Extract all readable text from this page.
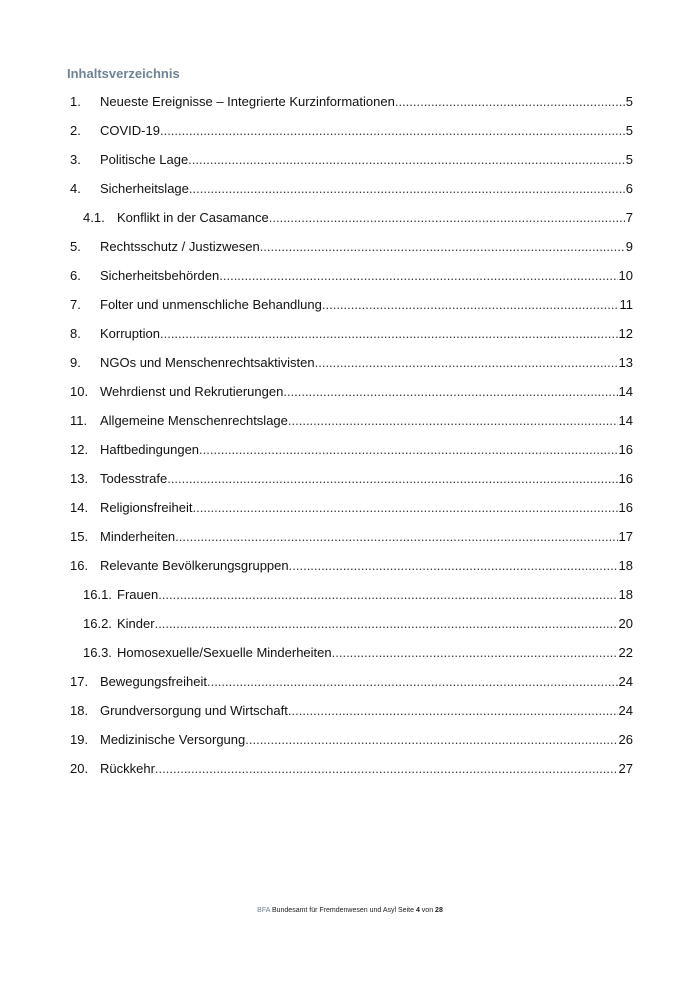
Inhaltsverzeichnis
1.	Neueste Ereignisse – Integrierte Kurzinformationen .....	5
2.	COVID-19 .....	5
3.	Politische Lage .....	5
4.	Sicherheitslage .....	6
4.1. Konflikt in der Casamance .....	7
5.	Rechtsschutz / Justizwesen .....	9
6.	Sicherheitsbehörden .....	10
7.	Folter und unmenschliche Behandlung .....	11
8.	Korruption .....	12
9.	NGOs und Menschenrechtsaktivisten .....	13
10. Wehrdienst und Rekrutierungen .....	14
11. Allgemeine Menschenrechtslage .....	14
12. Haftbedingungen .....	16
13. Todesstrafe .....	16
14. Religionsfreiheit .....	16
15. Minderheiten .....	17
16. Relevante Bevölkerungsgruppen .....	18
16.1. Frauen .....	18
16.2. Kinder .....	20
16.3. Homosexuelle/Sexuelle Minderheiten .....	22
17. Bewegungsfreiheit .....	24
18. Grundversorgung und Wirtschaft .....	24
19. Medizinische Versorgung .....	26
20. Rückkehr .....	27
BFA Bundesamt für Fremdenwesen und Asyl Seite 4 von 28
